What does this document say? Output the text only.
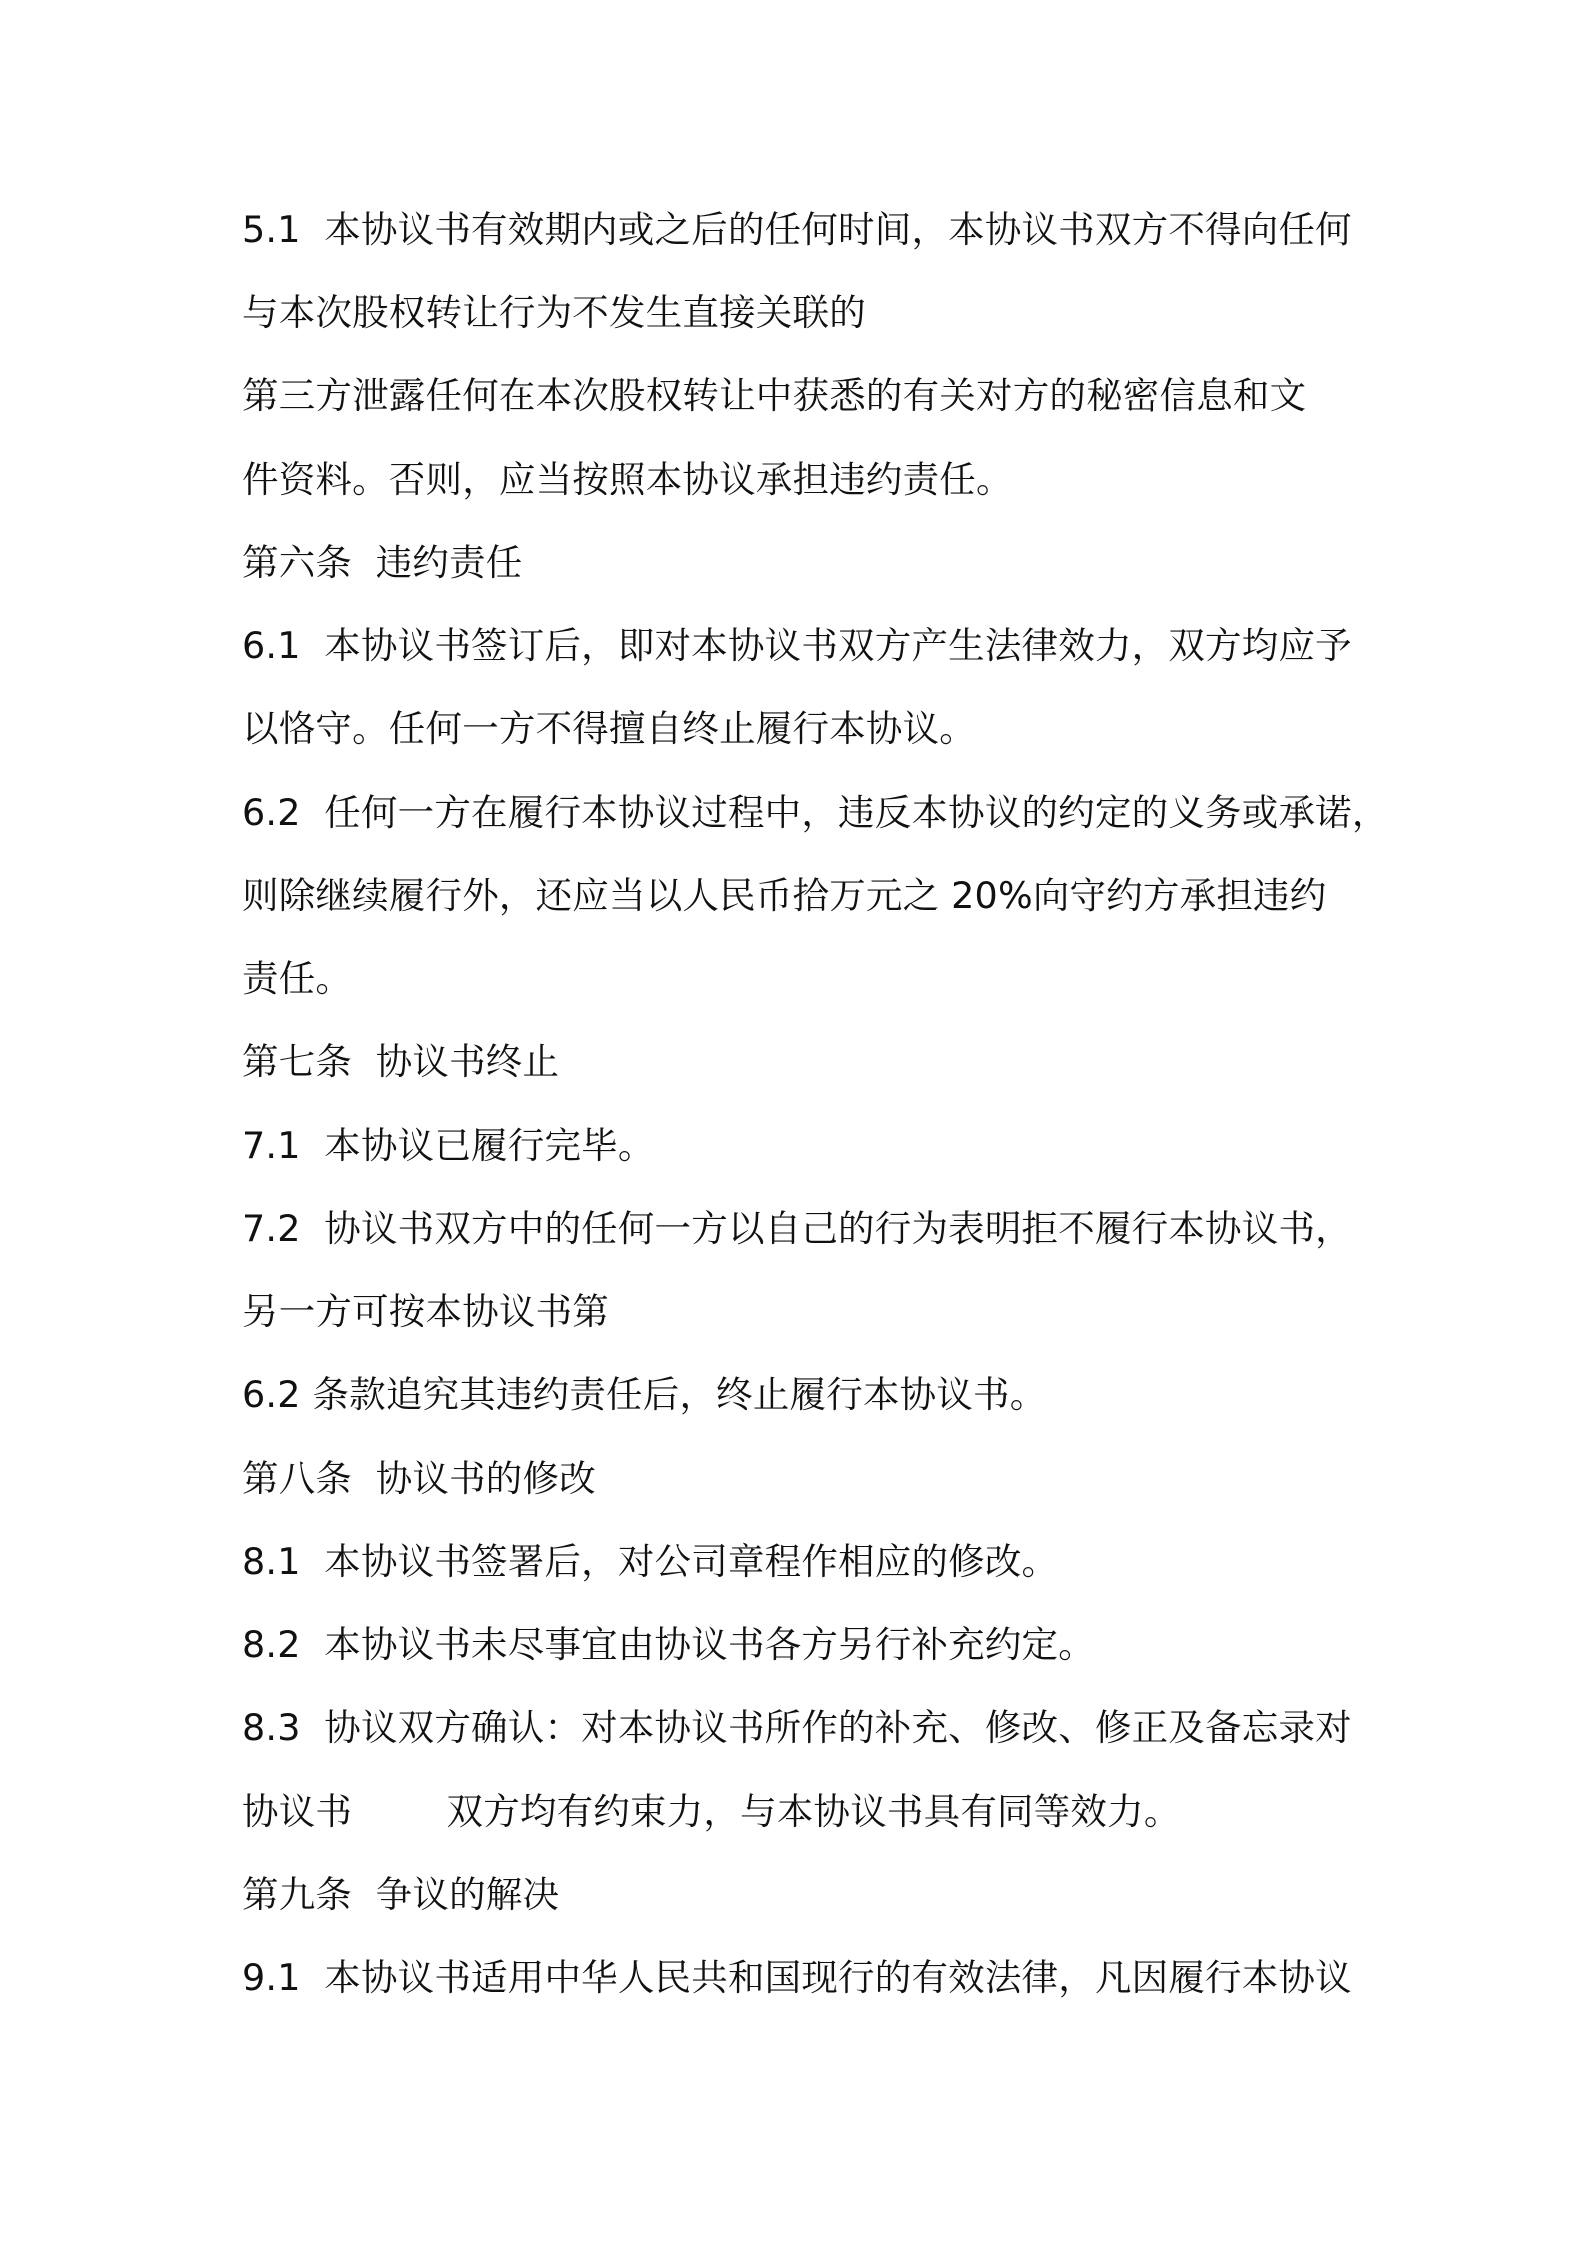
5.1  本协议书有效期内或之后的任何时间，本协议书双方不得向任何

与本次股权转让行为不发生直接关联的

第三方泄露任何在本次股权转让中获悉的有关对方的秘密信息和文

件资料。否则，应当按照本协议承担违约责任。

第六条  违约责任

6.1  本协议书签订后，即对本协议书双方产生法律效力，双方均应予

以恪守。任何一方不得擅自终止履行本协议。

6.2  任何一方在履行本协议过程中，违反本协议的约定的义务或承诺，

则除继续履行外，还应当以人民币拾万元之 20%向守约方承担违约

责任。

第七条  协议书终止

7.1  本协议已履行完毕。

7.2  协议书双方中的任何一方以自己的行为表明拒不履行本协议书，

另一方可按本协议书第

6.2 条款追究其违约责任后，终止履行本协议书。

第八条  协议书的修改

8.1  本协议书签署后，对公司章程作相应的修改。

8.2  本协议书未尽事宜由协议书各方另行补充约定。

8.3  协议双方确认：对本协议书所作的补充、修改、修正及备忘录对

协议书        双方均有约束力，与本协议书具有同等效力。

第九条  争议的解决

9.1  本协议书适用中华人民共和国现行的有效法律，凡因履行本协议
